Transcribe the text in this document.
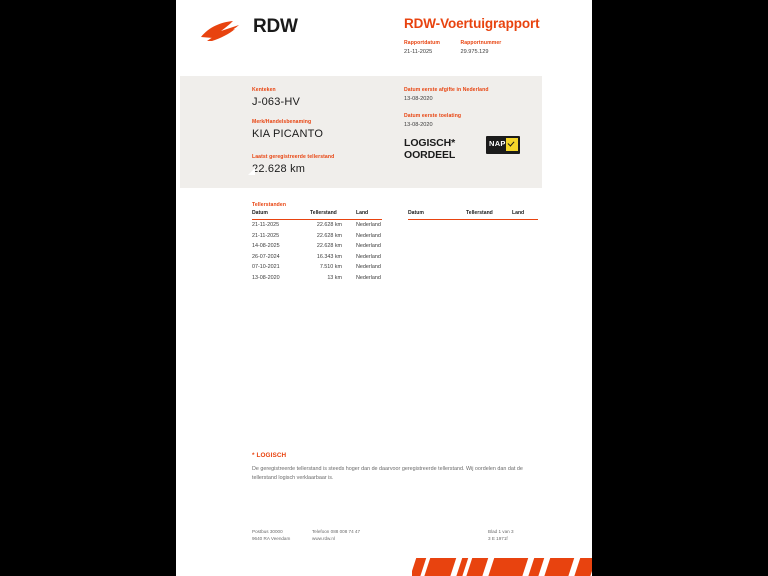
RDW	RDW-Voertuigrapport
Rapportdatum
21-11-2025

Rapportnummer
29.975.129
Kenteken
J-063-HV
Merk/Handelsbenaming
KIA PICANTO
Laatst geregistreerde tellerstand
22.628 km
Datum eerste afgifte in Nederland
13-08-2020
Datum eerste toelating
13-08-2020
LOGISCH*
OORDEEL
NAP
Tellerstanden
Datum	Tellerstand	Land
21-11-2025	22.628 km	Nederland
21-11-2025	22.628 km	Nederland
14-08-2025	22.628 km	Nederland
26-07-2024	16.343 km	Nederland
07-10-2021	7.510 km	Nederland
13-08-2020	13 km	Nederland
Datum	Tellerstand	Land
* LOGISCH
De geregistreerde tellerstand is steeds hoger dan de daarvoor geregistreerde tellerstand. Wij oordelen dan dat de tellerstand logisch verklaarbaar is.
Postbus 30000
9640 RA Veendam
Telefoon 088 008 74 47
www.rdw.nl
Blad 1 van 3
3 E 1971f
